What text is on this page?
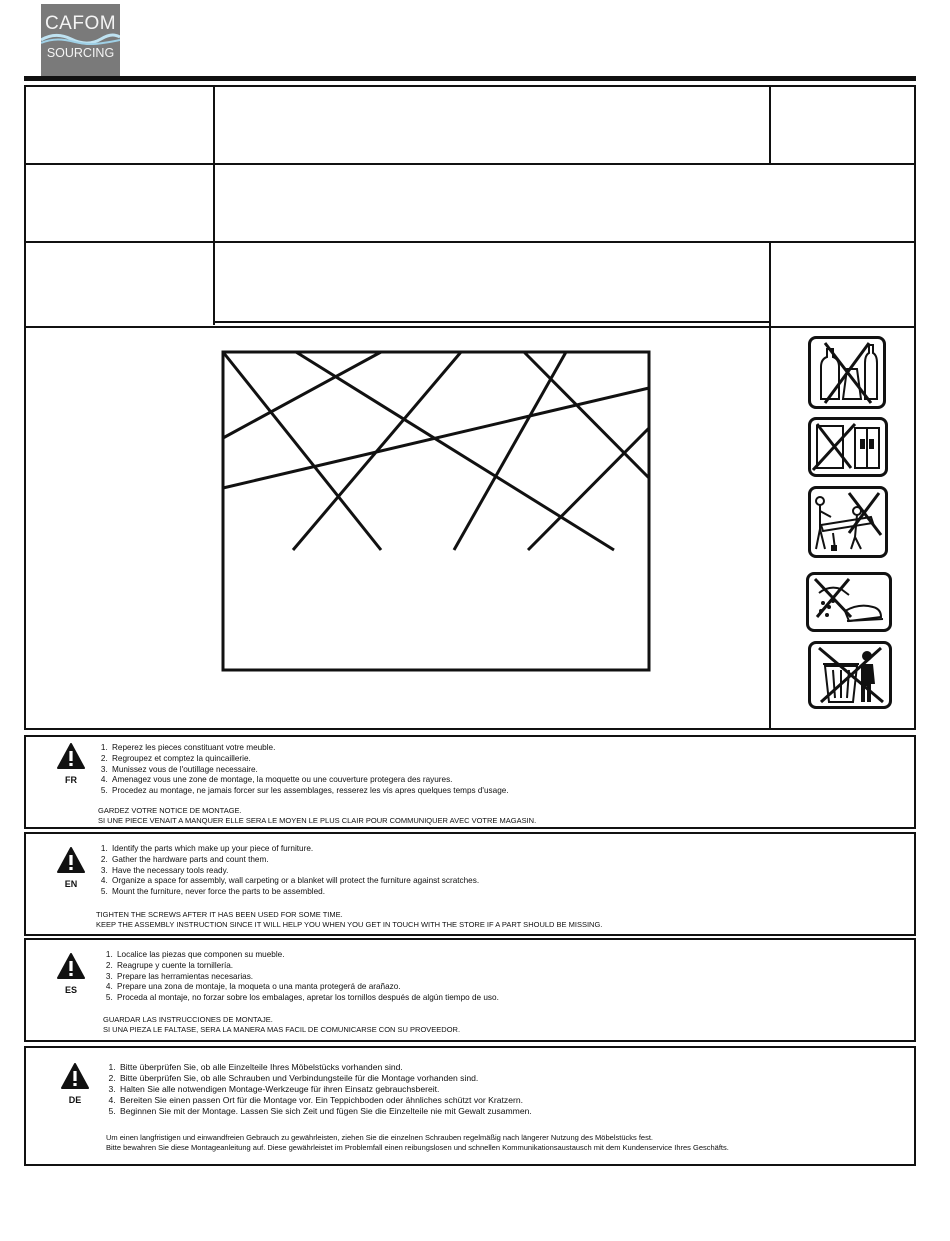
CAFOM
SOURCING
FR
1. Reperez les pieces constituant votre meuble.
2. Regroupez et comptez la quincaillerie.
3. Munissez vous de l'outillage necessaire.
4. Amenagez vous une zone de montage, la moquette ou une couverture protegera des rayures.
5. Procedez au montage, ne jamais forcer sur les assemblages, resserez les vis apres quelques temps d'usage.
GARDEZ VOTRE NOTICE DE MONTAGE.
SI UNE PIECE VENAIT A MANQUER ELLE SERA LE MOYEN LE PLUS CLAIR POUR COMMUNIQUER AVEC VOTRE MAGASIN.
EN
1. Identify the parts which make up your piece of furniture.
2. Gather the hardware parts and count them.
3. Have the necessary tools ready.
4. Organize a space for assembly, wall carpeting or a blanket will protect the furniture against scratches.
5. Mount the furniture, never force the parts to be assembled.
TIGHTEN THE SCREWS AFTER IT HAS BEEN USED FOR SOME TIME.
KEEP THE ASSEMBLY INSTRUCTION SINCE IT WILL HELP YOU WHEN YOU GET IN TOUCH WITH THE STORE IF A PART SHOULD BE MISSING.
ES
1. Localice las piezas que componen su mueble.
2. Reagrupe y cuente la tornillería.
3. Prepare las herramientas necesarias.
4. Prepare una zona de montaje, la moqueta o una manta protegerá de arañazo.
5. Proceda al montaje, no forzar sobre los embalages, apretar los tornillos después de algún tiempo de uso.
GUARDAR LAS INSTRUCCIONES DE MONTAJE.
SI UNA PIEZA LE FALTASE, SERA LA MANERA MAS FACIL DE COMUNICARSE CON SU PROVEEDOR.
DE
1. Bitte überprüfen Sie, ob alle Einzelteile Ihres Möbelstücks vorhanden sind.
2. Bitte überprüfen Sie, ob alle Schrauben und Verbindungsteile für die Montage vorhanden sind.
3. Halten Sie alle notwendigen Montage-Werkzeuge für ihren Einsatz gebrauchsbereit.
4. Bereiten Sie einen passen Ort für die Montage vor. Ein Teppichboden oder ähnliches schützt vor Kratzern.
5. Beginnen Sie mit der Montage. Lassen Sie sich Zeit und fügen Sie die Einzelteile nie mit Gewalt zusammen.
Um einen langfristigen und einwandfreien Gebrauch zu gewährleisten, ziehen Sie die einzelnen Schrauben regelmäßig nach längerer Nutzung des Möbelstücks fest.
Bitte bewahren Sie diese Montageanleitung auf. Diese gewährleistet im Problemfall einen reibungslosen und schnellen Kommunikationsaustausch mit dem Kundenservice Ihres Geschäfts.
